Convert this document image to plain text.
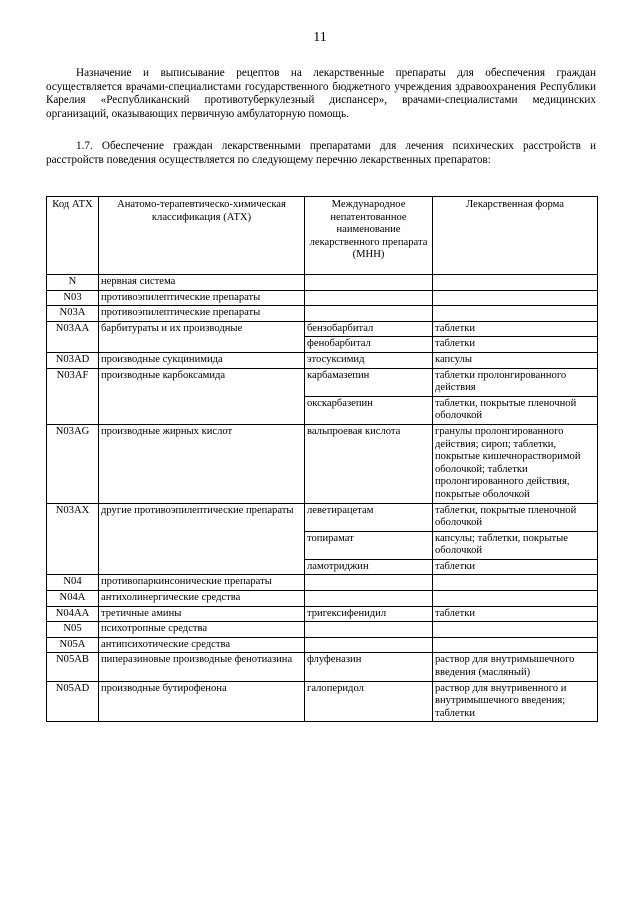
11

Назначение и выписывание рецептов на лекарственные препараты для обеспечения граждан осуществляется врачами-специалистами государственного бюджетного учреждения здравоохранения Республики Карелия «Республиканский противотуберкулезный диспансер», врачами-специалистами медицинских организаций, оказывающих первичную амбулаторную помощь.

1.7. Обеспечение граждан лекарственными препаратами для лечения психических расстройств и расстройств поведения осуществляется по следующему перечню лекарственных препаратов:

Код АТХ	Анатомо-терапевтическо-химическая классификация (АТХ)	Международное непатентованное наименование лекарственного препарата (МНН)	Лекарственная форма
N	нервная система		
N03	противоэпилептические препараты		
N03A	противоэпилептические препараты		
N03AA	барбитураты и их производные	бензобарбитал	таблетки
		фенобарбитал	таблетки
N03AD	производные сукцинимида	этосуксимид	капсулы
N03AF	производные карбоксамида	карбамазепин	таблетки пролонгированного действия
		окскарбазепин	таблетки, покрытые пленочной оболочкой
N03AG	производные жирных кислот	вальпроевая кислота	гранулы пролонгированного действия; сироп; таблетки, покрытые кишечнорастворимой оболочкой; таблетки пролонгированного действия, покрытые оболочкой
N03AX	другие противоэпилептические препараты	леветирацетам	таблетки, покрытые пленочной оболочкой
		топирамат	капсулы; таблетки, покрытые оболочкой
		ламотриджин	таблетки
N04	противопаркинсонические препараты		
N04A	антихолинергические средства		
N04AA	третичные амины	тригексифенидил	таблетки
N05	психотропные средства		
N05A	антипсихотические средства		
N05AB	пиперазиновые производные фенотиазина	флуфеназин	раствор для внутримышечного введения (масляный)
N05AD	производные бутирофенона	галоперидол	раствор для внутривенного и внутримышечного введения; таблетки
